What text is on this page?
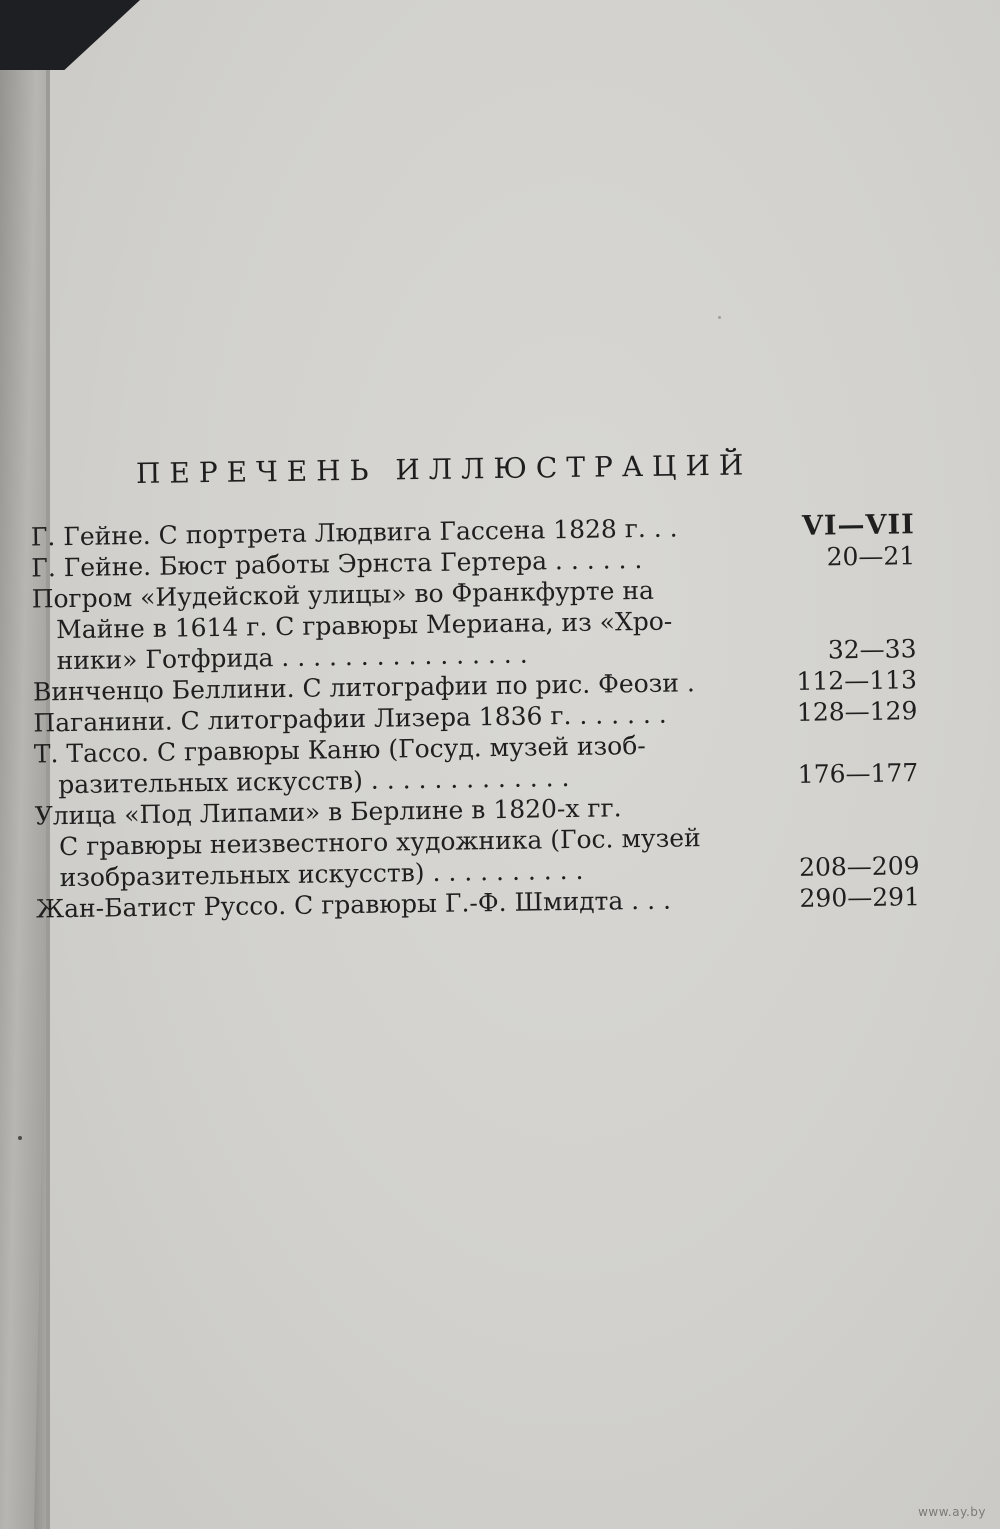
ПЕРЕЧЕНЬ ИЛЛЮСТРАЦИЙ
Г. Гейне. С портрета Людвига Гассена 1828 г. . .	VI—VII
Г. Гейне. Бюст работы Эрнста Гертера . . . . . .	20—21
Погром «Иудейской улицы» во Франкфурте на
Майне в 1614 г. С гравюры Мериана, из «Хро-
ники» Готфрида . . . . . . . . . . . . . . . .	32—33
Винченцо Беллини. С литографии по рис. Феози .	112—113
Паганини. С литографии Лизера 1836 г. . . . . . .	128—129
Т. Тассо. С гравюры Каню (Госуд. музей изоб-
разительных искусств) . . . . . . . . . . . . .	176—177
Улица «Под Липами» в Берлине в 1820-х гг.
С гравюры неизвестного художника (Гос. музей
изобразительных искусств) . . . . . . . . . .	208—209
Жан-Батист Руссо. С гравюры Г.-Ф. Шмидта . . .	290—291
www.ay.by
